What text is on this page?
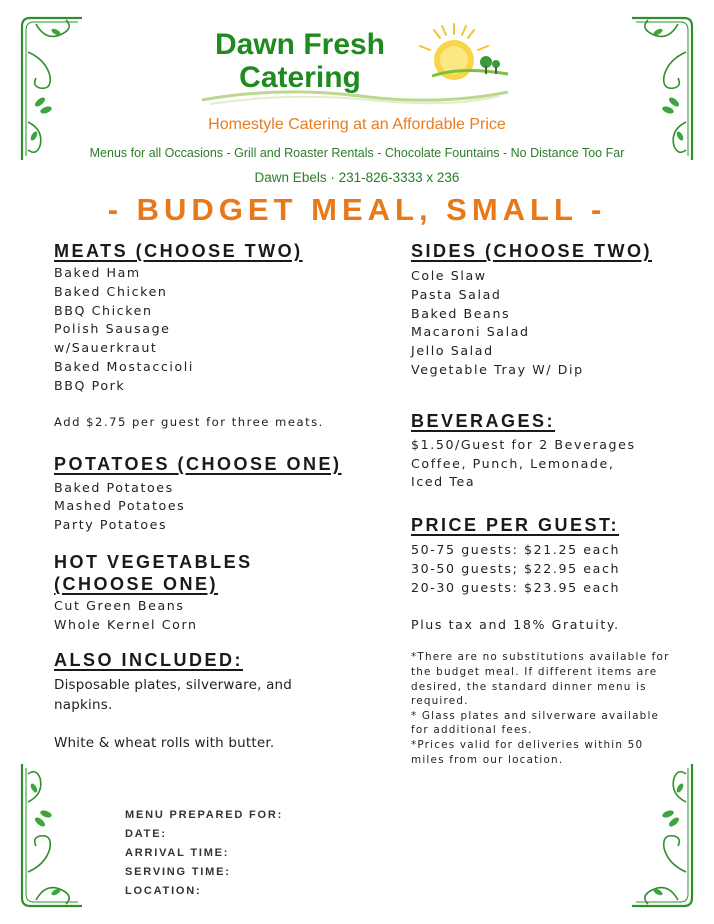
Dawn Fresh
Catering
Homestyle Catering at an Affordable Price
Menus for all Occasions - Grill and Roaster Rentals - Chocolate Fountains - No Distance Too Far
Dawn Ebels · 231-826-3333 x 236
- BUDGET MEAL, SMALL -
MEATS (CHOOSE TWO)
Baked Ham
Baked Chicken
BBQ Chicken
Polish Sausage
w/Sauerkraut
Baked Mostaccioli
BBQ Pork
Add $2.75 per guest for three meats.
POTATOES (CHOOSE ONE)
Baked Potatoes
Mashed Potatoes
Party Potatoes
HOT VEGETABLES
(CHOOSE ONE)
Cut Green Beans
Whole Kernel Corn
ALSO INCLUDED:
Disposable plates, silverware, and napkins.
White & wheat rolls with butter.
SIDES (CHOOSE TWO)
Cole Slaw
Pasta Salad
Baked Beans
Macaroni Salad
Jello Salad
Vegetable Tray W/ Dip
BEVERAGES:
$1.50/Guest for 2 Beverages
Coffee, Punch, Lemonade,
Iced Tea
PRICE PER GUEST:
50-75 guests: $21.25 each
30-50 guests; $22.95 each
20-30 guests: $23.95 each
Plus tax and 18% Gratuity.
*There are no substitutions available for the budget meal. If different items are desired, the standard dinner menu is required.
* Glass plates and silverware available for additional fees.
*Prices valid for deliveries within 50 miles from our location.
MENU PREPARED FOR:
DATE:
ARRIVAL TIME:
SERVING TIME:
LOCATION:
